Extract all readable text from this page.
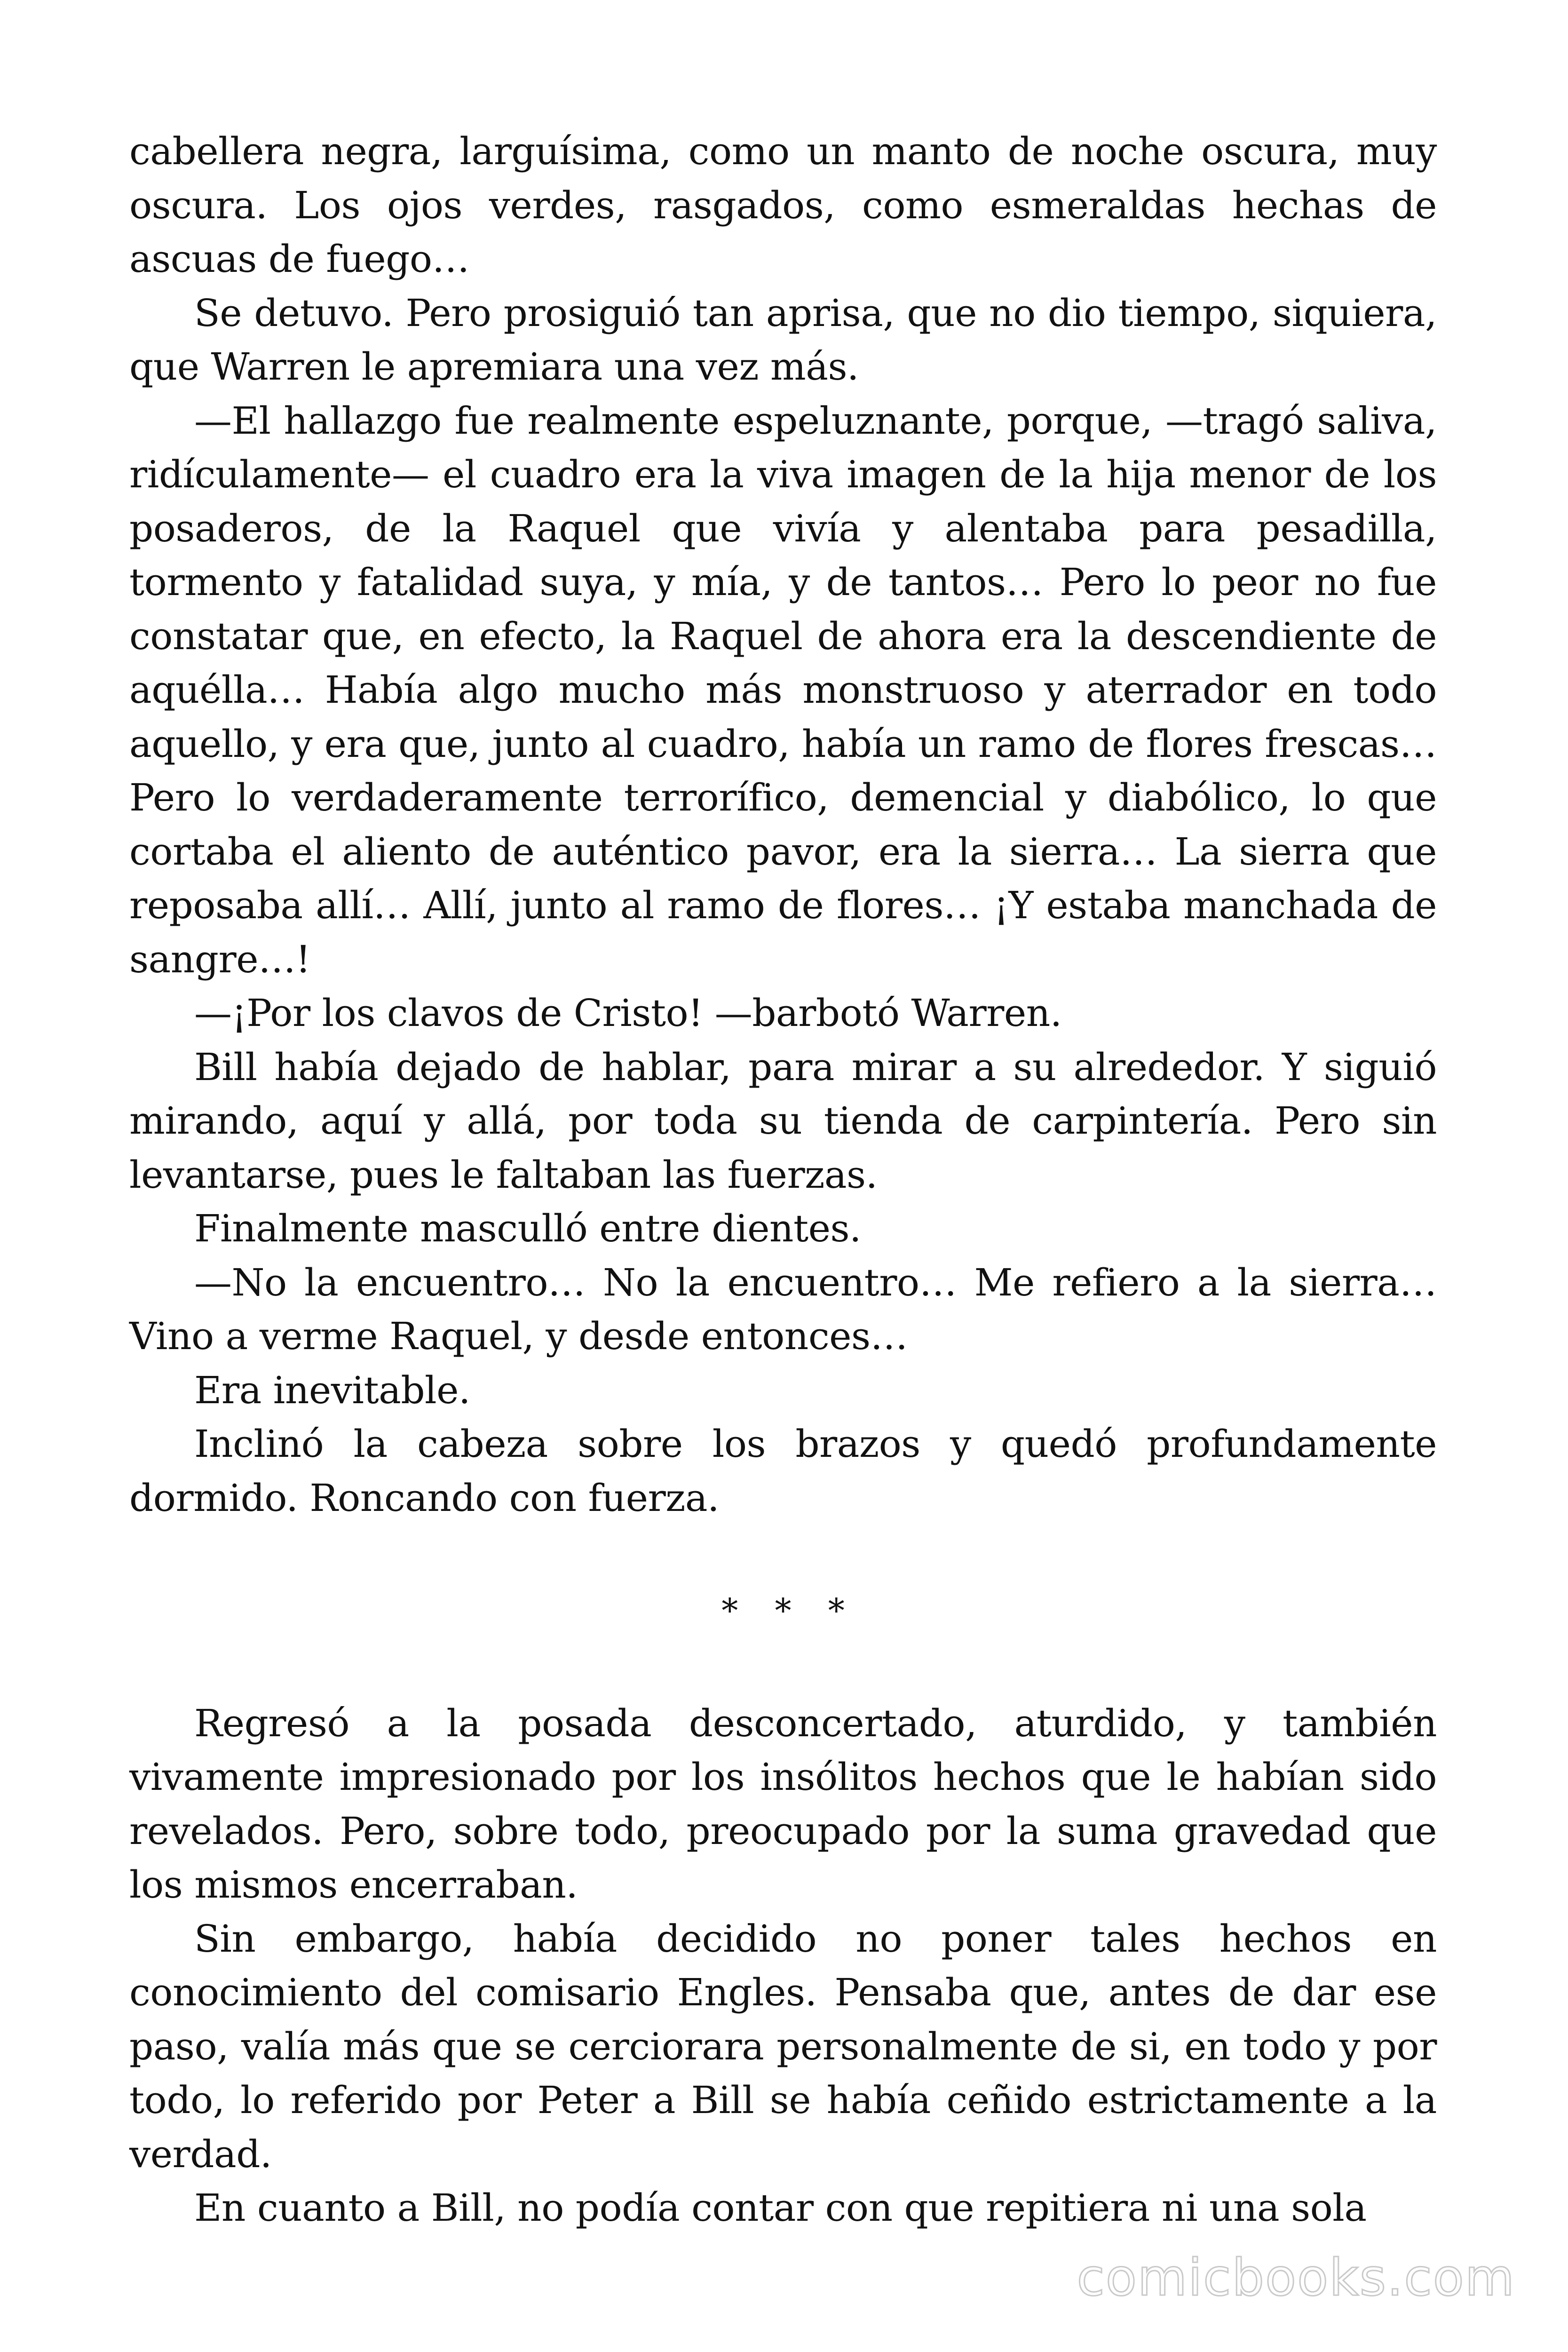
cabellera negra, larguísima, como un manto de noche oscura, muy oscura. Los ojos verdes, rasgados, como esmeraldas hechas de ascuas de fuego…

Se detuvo. Pero prosiguió tan aprisa, que no dio tiempo, siquiera, que Warren le apremiara una vez más.

—El hallazgo fue realmente espeluznante, porque, —tragó saliva, ridículamente— el cuadro era la viva imagen de la hija menor de los posaderos, de la Raquel que vivía y alentaba para pesadilla, tormento y fatalidad suya, y mía, y de tantos… Pero lo peor no fue constatar que, en efecto, la Raquel de ahora era la descendiente de aquélla… Había algo mucho más monstruoso y aterrador en todo aquello, y era que, junto al cuadro, había un ramo de flores frescas… Pero lo verdaderamente terrorífico, demencial y diabólico, lo que cortaba el aliento de auténtico pavor, era la sierra… La sierra que reposaba allí… Allí, junto al ramo de flores… ¡Y estaba manchada de sangre…!

—¡Por los clavos de Cristo! —barbotó Warren.

Bill había dejado de hablar, para mirar a su alrededor. Y siguió mirando, aquí y allá, por toda su tienda de carpintería. Pero sin levantarse, pues le faltaban las fuerzas.

Finalmente masculló entre dientes.

—No la encuentro… No la encuentro… Me refiero a la sierra… Vino a verme Raquel, y desde entonces…

Era inevitable.

Inclinó la cabeza sobre los brazos y quedó profundamente dormido. Roncando con fuerza.

* * *

Regresó a la posada desconcertado, aturdido, y también vivamente impresionado por los insólitos hechos que le habían sido revelados. Pero, sobre todo, preocupado por la suma gravedad que los mismos encerraban.

Sin embargo, había decidido no poner tales hechos en conocimiento del comisario Engles. Pensaba que, antes de dar ese paso, valía más que se cerciorara personalmente de si, en todo y por todo, lo referido por Peter a Bill se había ceñido estrictamente a la verdad.

En cuanto a Bill, no podía contar con que repitiera ni una sola

comicbooks.com
